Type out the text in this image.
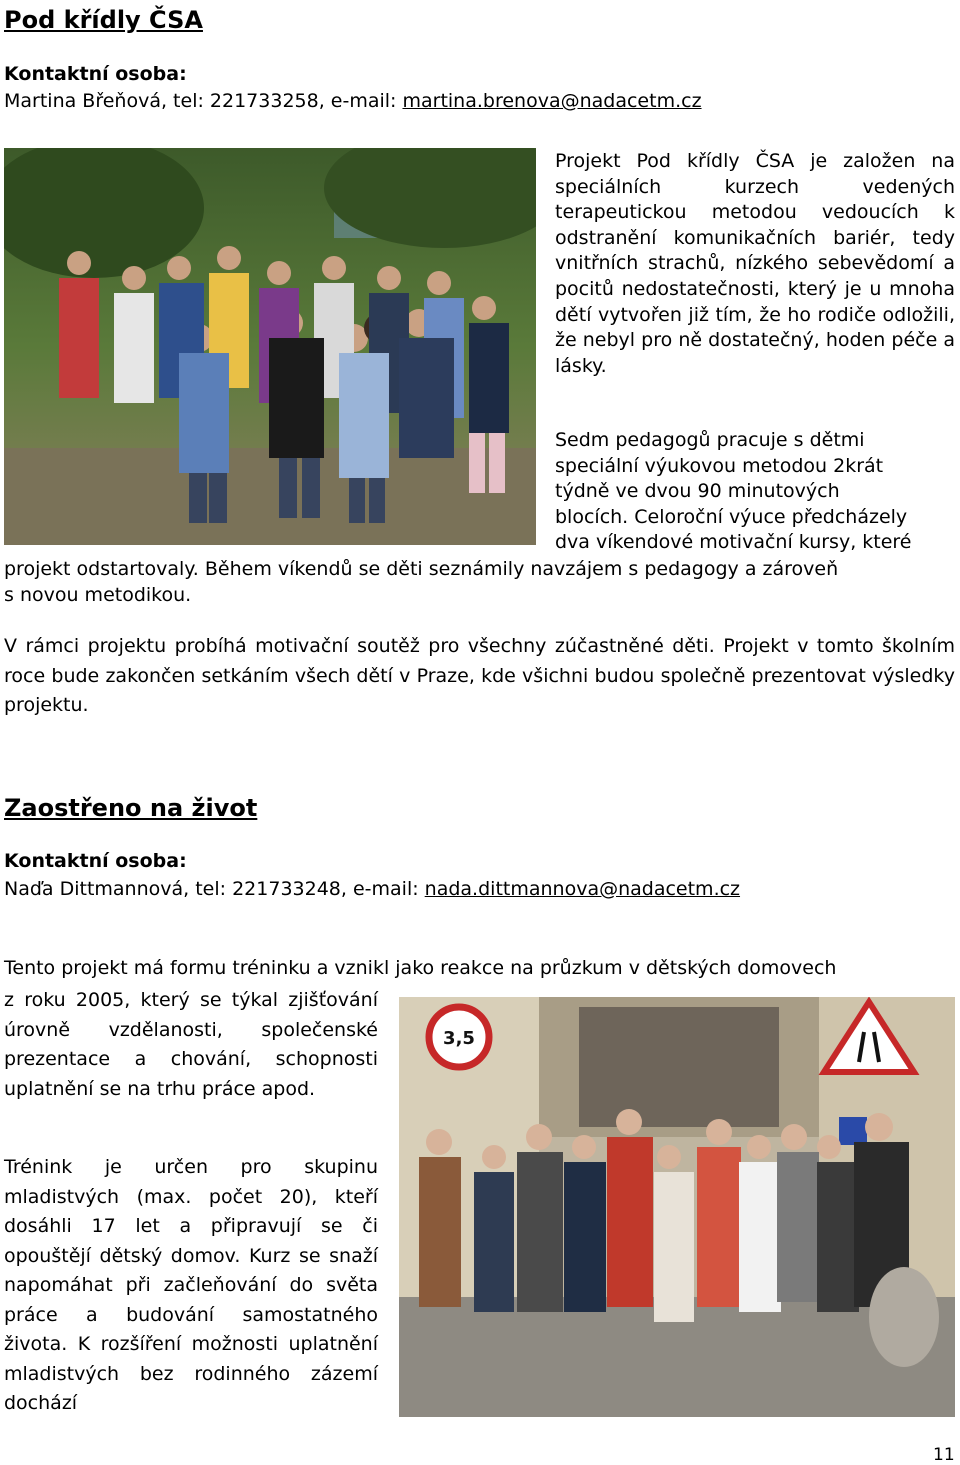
Pod křídly ČSA

Kontaktní osoba:

Martina Břeňová, tel: 221733258, e-mail: martina.brenova@nadacetm.cz

Projekt Pod křídly ČSA je založen na speciálních kurzech vedených terapeutickou metodou vedoucích k odstranění komunikačních bariér, tedy vnitřních strachů, nízkého sebevědomí a pocitů nedostatečnosti, který je u mnoha dětí vytvořen již tím, že ho rodiče odložili, že nebyl pro ně dostatečný, hoden péče a lásky.

Sedm pedagogů pracuje s dětmi

speciální výukovou metodou 2krát

týdně ve dvou 90 minutových

blocích. Celoroční výuce předcházely

dva víkendové motivační kursy, které

projekt odstartovaly. Během víkendů se děti seznámily navzájem s pedagogy a zároveň

s novou metodikou.

V rámci projektu probíhá motivační soutěž pro všechny zúčastněné děti. Projekt v tomto školním roce bude zakončen setkáním všech dětí v Praze, kde všichni budou společně prezentovat výsledky projektu.

Zaostřeno na život

Kontaktní osoba:

Naďa Dittmannová, tel: 221733248, e-mail: nada.dittmannova@nadacetm.cz

Tento projekt má formu tréninku a vznikl jako reakce na průzkum v dětských domovech

z roku 2005, který se týkal zjišťování úrovně vzdělanosti, společenské prezentace a chování, schopnosti uplatnění se na trhu práce apod.

Trénink je určen pro skupinu mladistvých (max. počet 20), kteří dosáhli 17 let a připravují se či opouštějí dětský domov. Kurz se snaží napomáhat při začleňování do světa práce a budování samostatného života. K rozšíření možnosti uplatnění mladistvých bez rodinného zázemí dochází

3,5

11
